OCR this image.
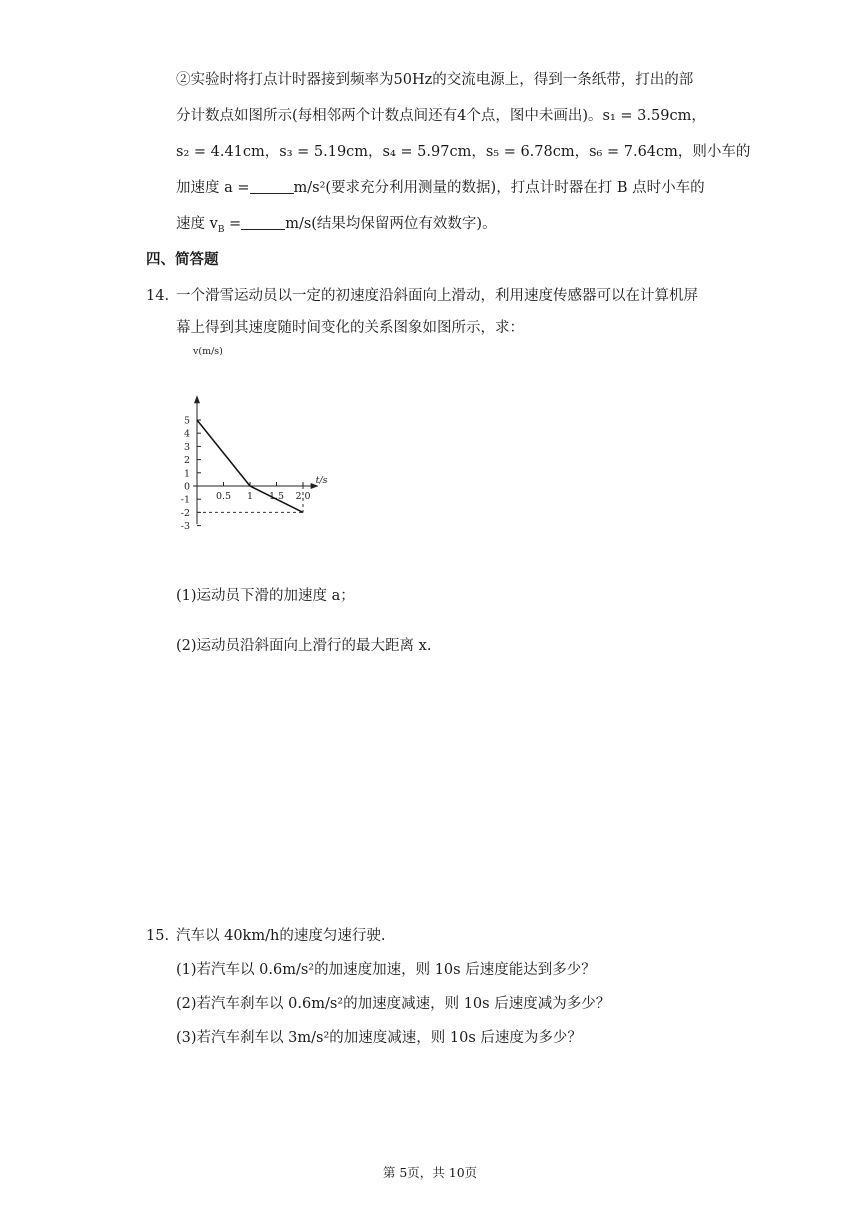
②实验时将打点计时器接到频率为50Hz的交流电源上，得到一条纸带，打出的部
分计数点如图所示(每相邻两个计数点间还有4个点，图中未画出)。s₁ = 3.59cm，
s₂ = 4.41cm，s₃ = 5.19cm，s₄ = 5.97cm，s₅ = 6.78cm，s₆ = 7.64cm，则小车的
加速度 a =	m/s²(要求充分利用测量的数据)，打点计时器在打 B 点时小车的
速度 $v_B$ =	m/s(结果均保留两位有效数字)。
四、简答题
14. 一个滑雪运动员以一定的初速度沿斜面向上滑动，利用速度传感器可以在计算机屏
幕上得到其速度随时间变化的关系图象如图所示，求：
v(m/s)
t/s
5
4
3
2
1
-1
-2
-3
0
0.5 1 1.5 2.0
(1)运动员下滑的加速度 a；
(2)运动员沿斜面向上滑行的最大距离 x.
15. 汽车以 40km/h的速度匀速行驶.
(1)若汽车以 0.6m/s²的加速度加速，则 10s 后速度能达到多少？
(2)若汽车刹车以 0.6m/s²的加速度减速，则 10s 后速度减为多少？
(3)若汽车刹车以 3m/s²的加速度减速，则 10s 后速度为多少？
第 5页，共 10页
